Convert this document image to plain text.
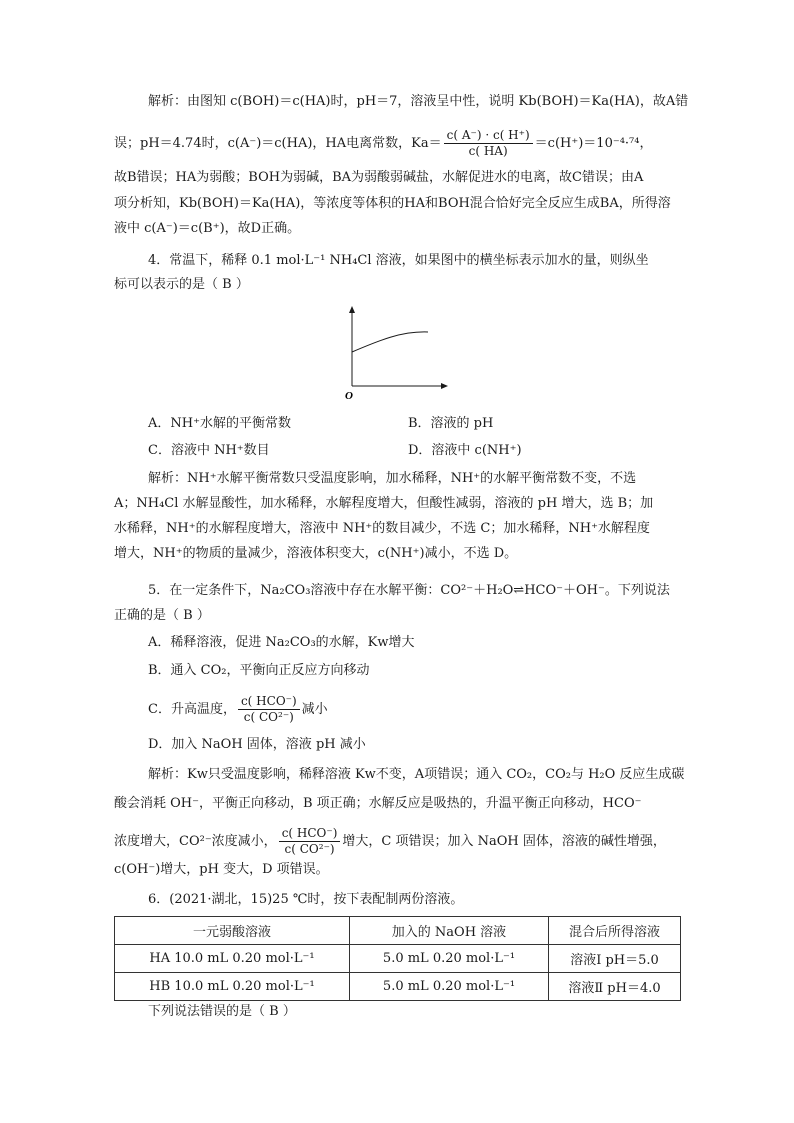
解析：由图知 c(BOH)＝c(HA)时，pH＝7，溶液呈中性，说明 Kb(BOH)＝Ka(HA)，故A错
误；pH＝4.74时，c(A⁻)＝c(HA)，HA电离常数，$Ka= \frac{c( A^-) \cdot c( H^+)}{c( HA)} =c(H^+)=10^{-4}\cdot^{74}$，
故B错误；HA为弱酸；BOH为弱碱，BA为弱酸弱碱盐，水解促进水的电离，故C错误；由A
项分析知，Kb(BOH)＝Ka(HA)，等浓度等体积的HA和BOH混合恰好完全反应生成BA，所得溶
液中 c(A⁻)＝c(B⁺)，故D正确。
4．常温下，稀释 0.1 mol·L⁻¹ NH₄Cl 溶液，如果图中的横坐标表示加水的量，则纵坐
标可以表示的是（ B ）
O
A．NH⁺水解的平衡常数	B．溶液的 pH
C．溶液中 NH⁺数目	D．溶液中 c(NH⁺)
解析：NH⁺水解平衡常数只受温度影响，加水稀释，NH⁺的水解平衡常数不变，不选
A；NH₄Cl 水解显酸性，加水稀释，水解程度增大，但酸性减弱，溶液的 pH 增大，选 B；加
水稀释，NH⁺的水解程度增大，溶液中 NH⁺的数目减少，不选 C；加水稀释，NH⁺水解程度
增大，NH⁺的物质的量减少，溶液体积变大，c(NH⁺)减小，不选 D。
5．在一定条件下，Na₂CO₃溶液中存在水解平衡：CO²⁻＋H₂O⇌HCO⁻＋OH⁻。下列说法
正确的是（ B ）
A．稀释溶液，促进 Na₂CO₃的水解，Kw增大
B．通入 CO₂，平衡向正反应方向移动
C．升高温度， $\frac{\text{c( HCO⁻)}}{\text{c( CO²⁻)}}$ 减小
D．加入 NaOH 固体，溶液 pH 减小
解析：Kw只受温度影响，稀释溶液 Kw不变，A项错误；通入 CO₂，CO₂与 H₂O 反应生成碳
酸会消耗 OH⁻，平衡正向移动，B 项正确；水解反应是吸热的，升温平衡正向移动，HCO⁻
浓度增大，CO²⁻浓度减小， $\frac{\text{c( HCO⁻)}}{\text{c( CO²⁻)}}$ 增大，C 项错误；加入 NaOH 固体，溶液的碱性增强，
c(OH⁻)增大，pH 变大，D 项错误。
6．(2021·湖北，15)25 ℃时，按下表配制两份溶液。
一元弱酸溶液	加入的 NaOH 溶液	混合后所得溶液
HA 10.0 mL 0.20 mol·L⁻¹	5.0 mL 0.20 mol·L⁻¹	溶液Ⅰ pH＝5.0
HB 10.0 mL 0.20 mol·L⁻¹	5.0 mL 0.20 mol·L⁻¹	溶液Ⅱ pH＝4.0
下列说法错误的是（ B ）
